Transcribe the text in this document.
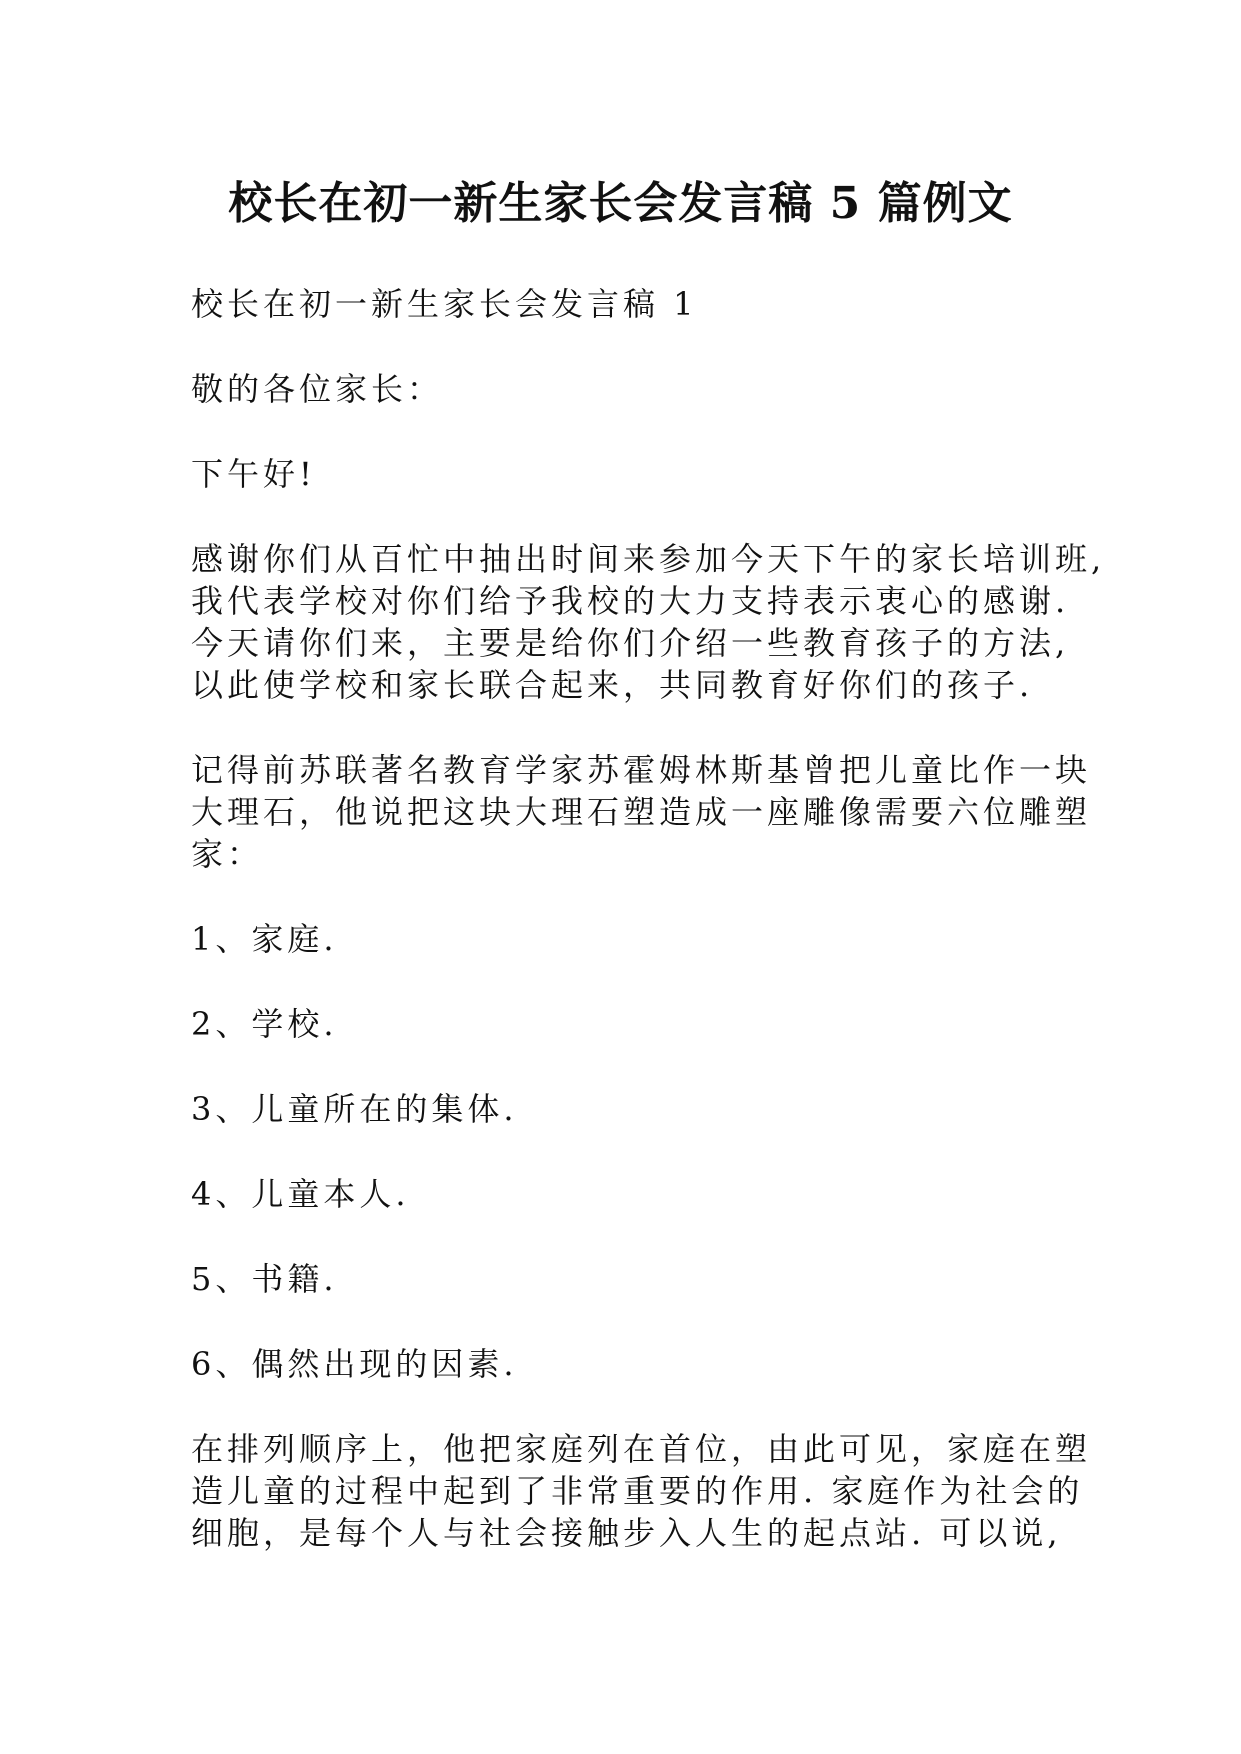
校长在初一新生家长会发言稿 5 篇例文

校长在初一新生家长会发言稿 1

敬的各位家长：

下午好!

感谢你们从百忙中抽出时间来参加今天下午的家长培训班,
我代表学校对你们给予我校的大力支持表示衷心的感谢.
今天请你们来，主要是给你们介绍一些教育孩子的方法,
以此使学校和家长联合起来，共同教育好你们的孩子.

记得前苏联著名教育学家苏霍姆林斯基曾把儿童比作一块
大理石，他说把这块大理石塑造成一座雕像需要六位雕塑
家：

1、家庭.

2、学校.

3、儿童所在的集体.

4、儿童本人.

5、书籍.

6、偶然出现的因素.

在排列顺序上，他把家庭列在首位，由此可见，家庭在塑
造儿童的过程中起到了非常重要的作用. 家庭作为社会的
细胞，是每个人与社会接触步入人生的起点站. 可以说,
